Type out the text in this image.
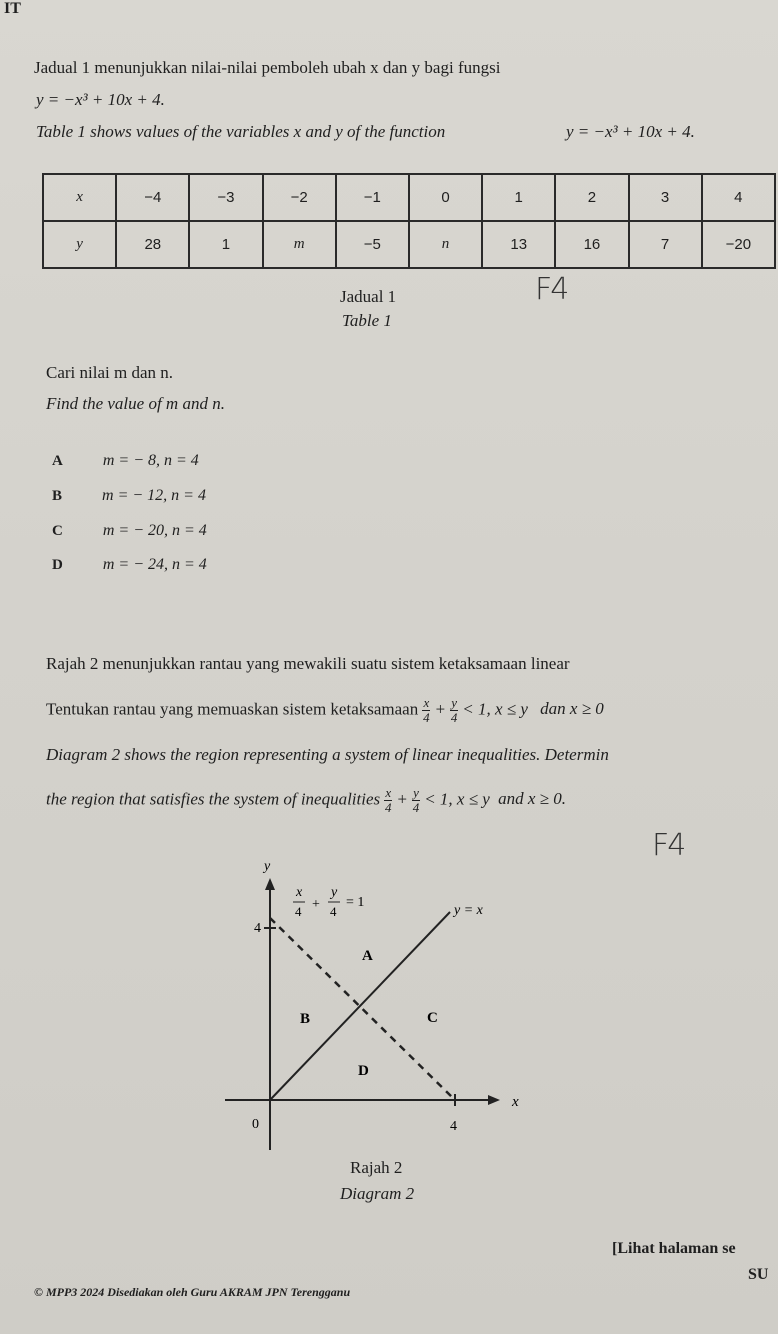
IT
Jadual 1 menunjukkan nilai-nilai pemboleh ubah x dan y bagi fungsi
y = −x³ + 10x + 4.
Table 1 shows values of the variables x and y of the function	y = −x³ + 10x + 4.
x	−4	−3	−2	−1	0	1	2	3	4
y	28	1	m	−5	n	13	16	7	−20
Jadual 1
Table 1
F4
Cari nilai m dan n.
Find the value of m and n.
A	m = − 8, n = 4
B	m = − 12, n = 4
C	m = − 20, n = 4
D	m = − 24, n = 4
Rajah 2 menunjukkan rantau yang mewakili suatu sistem ketaksamaan linear
Tentukan rantau yang memuaskan sistem ketaksamaan $\frac{x}{4} + \frac{y}{4} < 1$, x ≤ y dan x ≥ 0
Diagram 2 shows the region representing a system of linear inequalities. Determin
the region that satisfies the system of inequalities $\frac{x}{4} + \frac{y}{4} < 1$, x ≤ y and x ≥ 0.
F4
y
x
0
4
4
x
4 +
y
4
= 1
y = x
A
B	C
D
Rajah 2
Diagram 2
© MPP3 2024 Disediakan oleh Guru AKRAM JPN Terengganu
[Lihat halaman se
SU
